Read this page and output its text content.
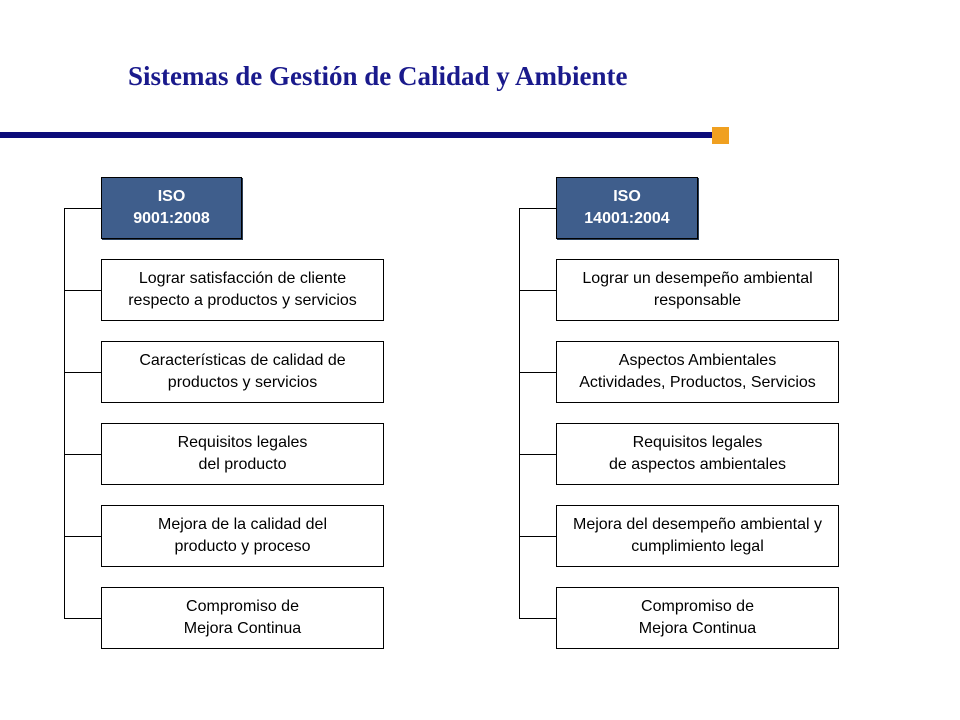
Sistemas de Gestión de Calidad y Ambiente
ISO
9001:2008
Lograr satisfacción de cliente
respecto a productos y servicios
Características de calidad de
productos y servicios
Requisitos legales
del producto
Mejora de la calidad del
producto y proceso
Compromiso de
Mejora Continua
ISO
14001:2004
Lograr un desempeño ambiental
responsable
Aspectos Ambientales
Actividades, Productos, Servicios
Requisitos legales
de aspectos ambientales
Mejora del desempeño ambiental y
cumplimiento legal
Compromiso de
Mejora Continua
